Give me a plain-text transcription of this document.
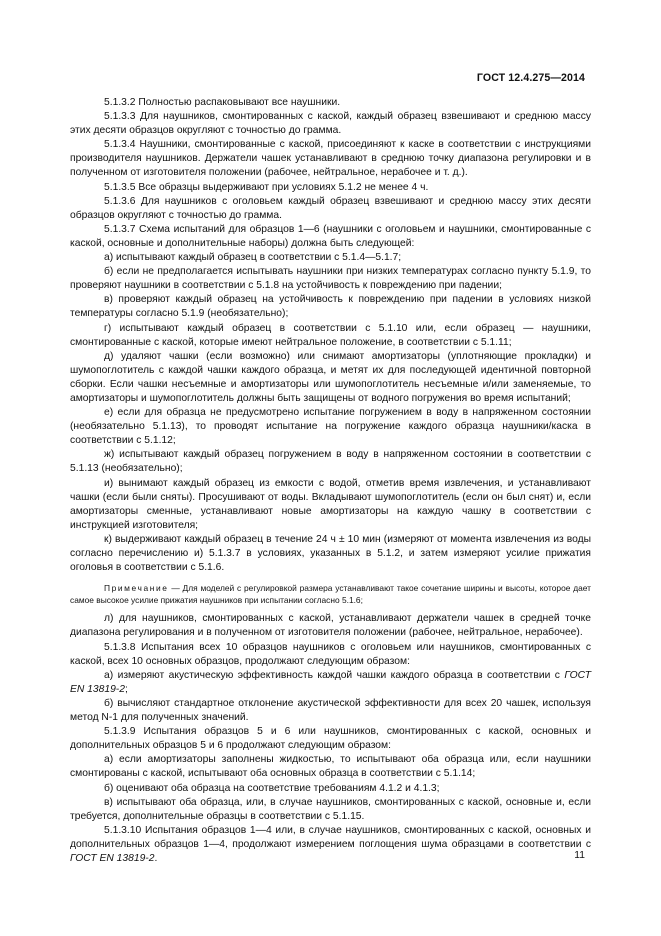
ГОСТ 12.4.275—2014

5.1.3.2 Полностью распаковывают все наушники.

5.1.3.3 Для наушников, смонтированных с каской, каждый образец взвешивают и среднюю массу этих десяти образцов округляют с точностью до грамма.

5.1.3.4 Наушники, смонтированные с каской, присоединяют к каске в соответствии с инструкциями производителя наушников. Держатели чашек устанавливают в среднюю точку диапазона регулировки и в полученном от изготовителя положении (рабочее, нейтральное, нерабочее и т. д.).

5.1.3.5 Все образцы выдерживают при условиях 5.1.2 не менее 4 ч.

5.1.3.6 Для наушников с оголовьем каждый образец взвешивают и среднюю массу этих десяти образцов округляют с точностью до грамма.

5.1.3.7 Схема испытаний для образцов 1—6 (наушники с оголовьем и наушники, смонтированные с каской, основные и дополнительные наборы) должна быть следующей:

а) испытывают каждый образец в соответствии с 5.1.4—5.1.7;

б) если не предполагается испытывать наушники при низких температурах согласно пункту 5.1.9, то проверяют наушники в соответствии с 5.1.8 на устойчивость к повреждению при падении;

в) проверяют каждый образец на устойчивость к повреждению при падении в условиях низкой температуры согласно 5.1.9 (необязательно);

г) испытывают каждый образец в соответствии с 5.1.10 или, если образец — наушники, смонтированные с каской, которые имеют нейтральное положение, в соответствии с 5.1.11;

д) удаляют чашки (если возможно) или снимают амортизаторы (уплотняющие прокладки) и шумопоглотитель с каждой чашки каждого образца, и метят их для последующей идентичной повторной сборки. Если чашки несъемные и амортизаторы или шумопоглотитель несъемные и/или заменяемые, то амортизаторы и шумопоглотитель должны быть защищены от водного погружения во время испытаний;

е) если для образца не предусмотрено испытание погружением в воду в напряженном состоянии (необязательно 5.1.13), то проводят испытание на погружение каждого образца наушники/каска в соответствии с 5.1.12;

ж) испытывают каждый образец погружением в воду в напряженном состоянии в соответствии с 5.1.13 (необязательно);

и) вынимают каждый образец из емкости с водой, отметив время извлечения, и устанавливают чашки (если были сняты). Просушивают от воды. Вкладывают шумопоглотитель (если он был снят) и, если амортизаторы сменные, устанавливают новые амортизаторы на каждую чашку в соответствии с инструкцией изготовителя;

к) выдерживают каждый образец в течение 24 ч ± 10 мин (измеряют от момента извлечения из воды согласно перечислению и) 5.1.3.7 в условиях, указанных в 5.1.2, и затем измеряют усилие прижатия оголовья в соответствии с 5.1.6.

Примечание — Для моделей с регулировкой размера устанавливают такое сочетание ширины и высоты, которое дает самое высокое усилие прижатия наушников при испытании согласно 5.1.6;

л) для наушников, смонтированных с каской, устанавливают держатели чашек в средней точке диапазона регулирования и в полученном от изготовителя положении (рабочее, нейтральное, нерабочее).

5.1.3.8 Испытания всех 10 образцов наушников с оголовьем или наушников, смонтированных с каской, всех 10 основных образцов, продолжают следующим образом:

а) измеряют акустическую эффективность каждой чашки каждого образца в соответствии с ГОСТ EN 13819-2;

б) вычисляют стандартное отклонение акустической эффективности для всех 20 чашек, используя метод N-1 для полученных значений.

5.1.3.9 Испытания образцов 5 и 6 или наушников, смонтированных с каской, основных и дополнительных образцов 5 и 6 продолжают следующим образом:

а) если амортизаторы заполнены жидкостью, то испытывают оба образца или, если наушники смонтированы с каской, испытывают оба основных образца в соответствии с 5.1.14;

б) оценивают оба образца на соответствие требованиям 4.1.2 и 4.1.3;

в) испытывают оба образца, или, в случае наушников, смонтированных с каской, основные и, если требуется, дополнительные образцы в соответствии с 5.1.15.

5.1.3.10 Испытания образцов 1—4 или, в случае наушников, смонтированных с каской, основных и дополнительных образцов 1—4, продолжают измерением поглощения шума образцами в соответствии с ГОСТ EN 13819-2.	11
